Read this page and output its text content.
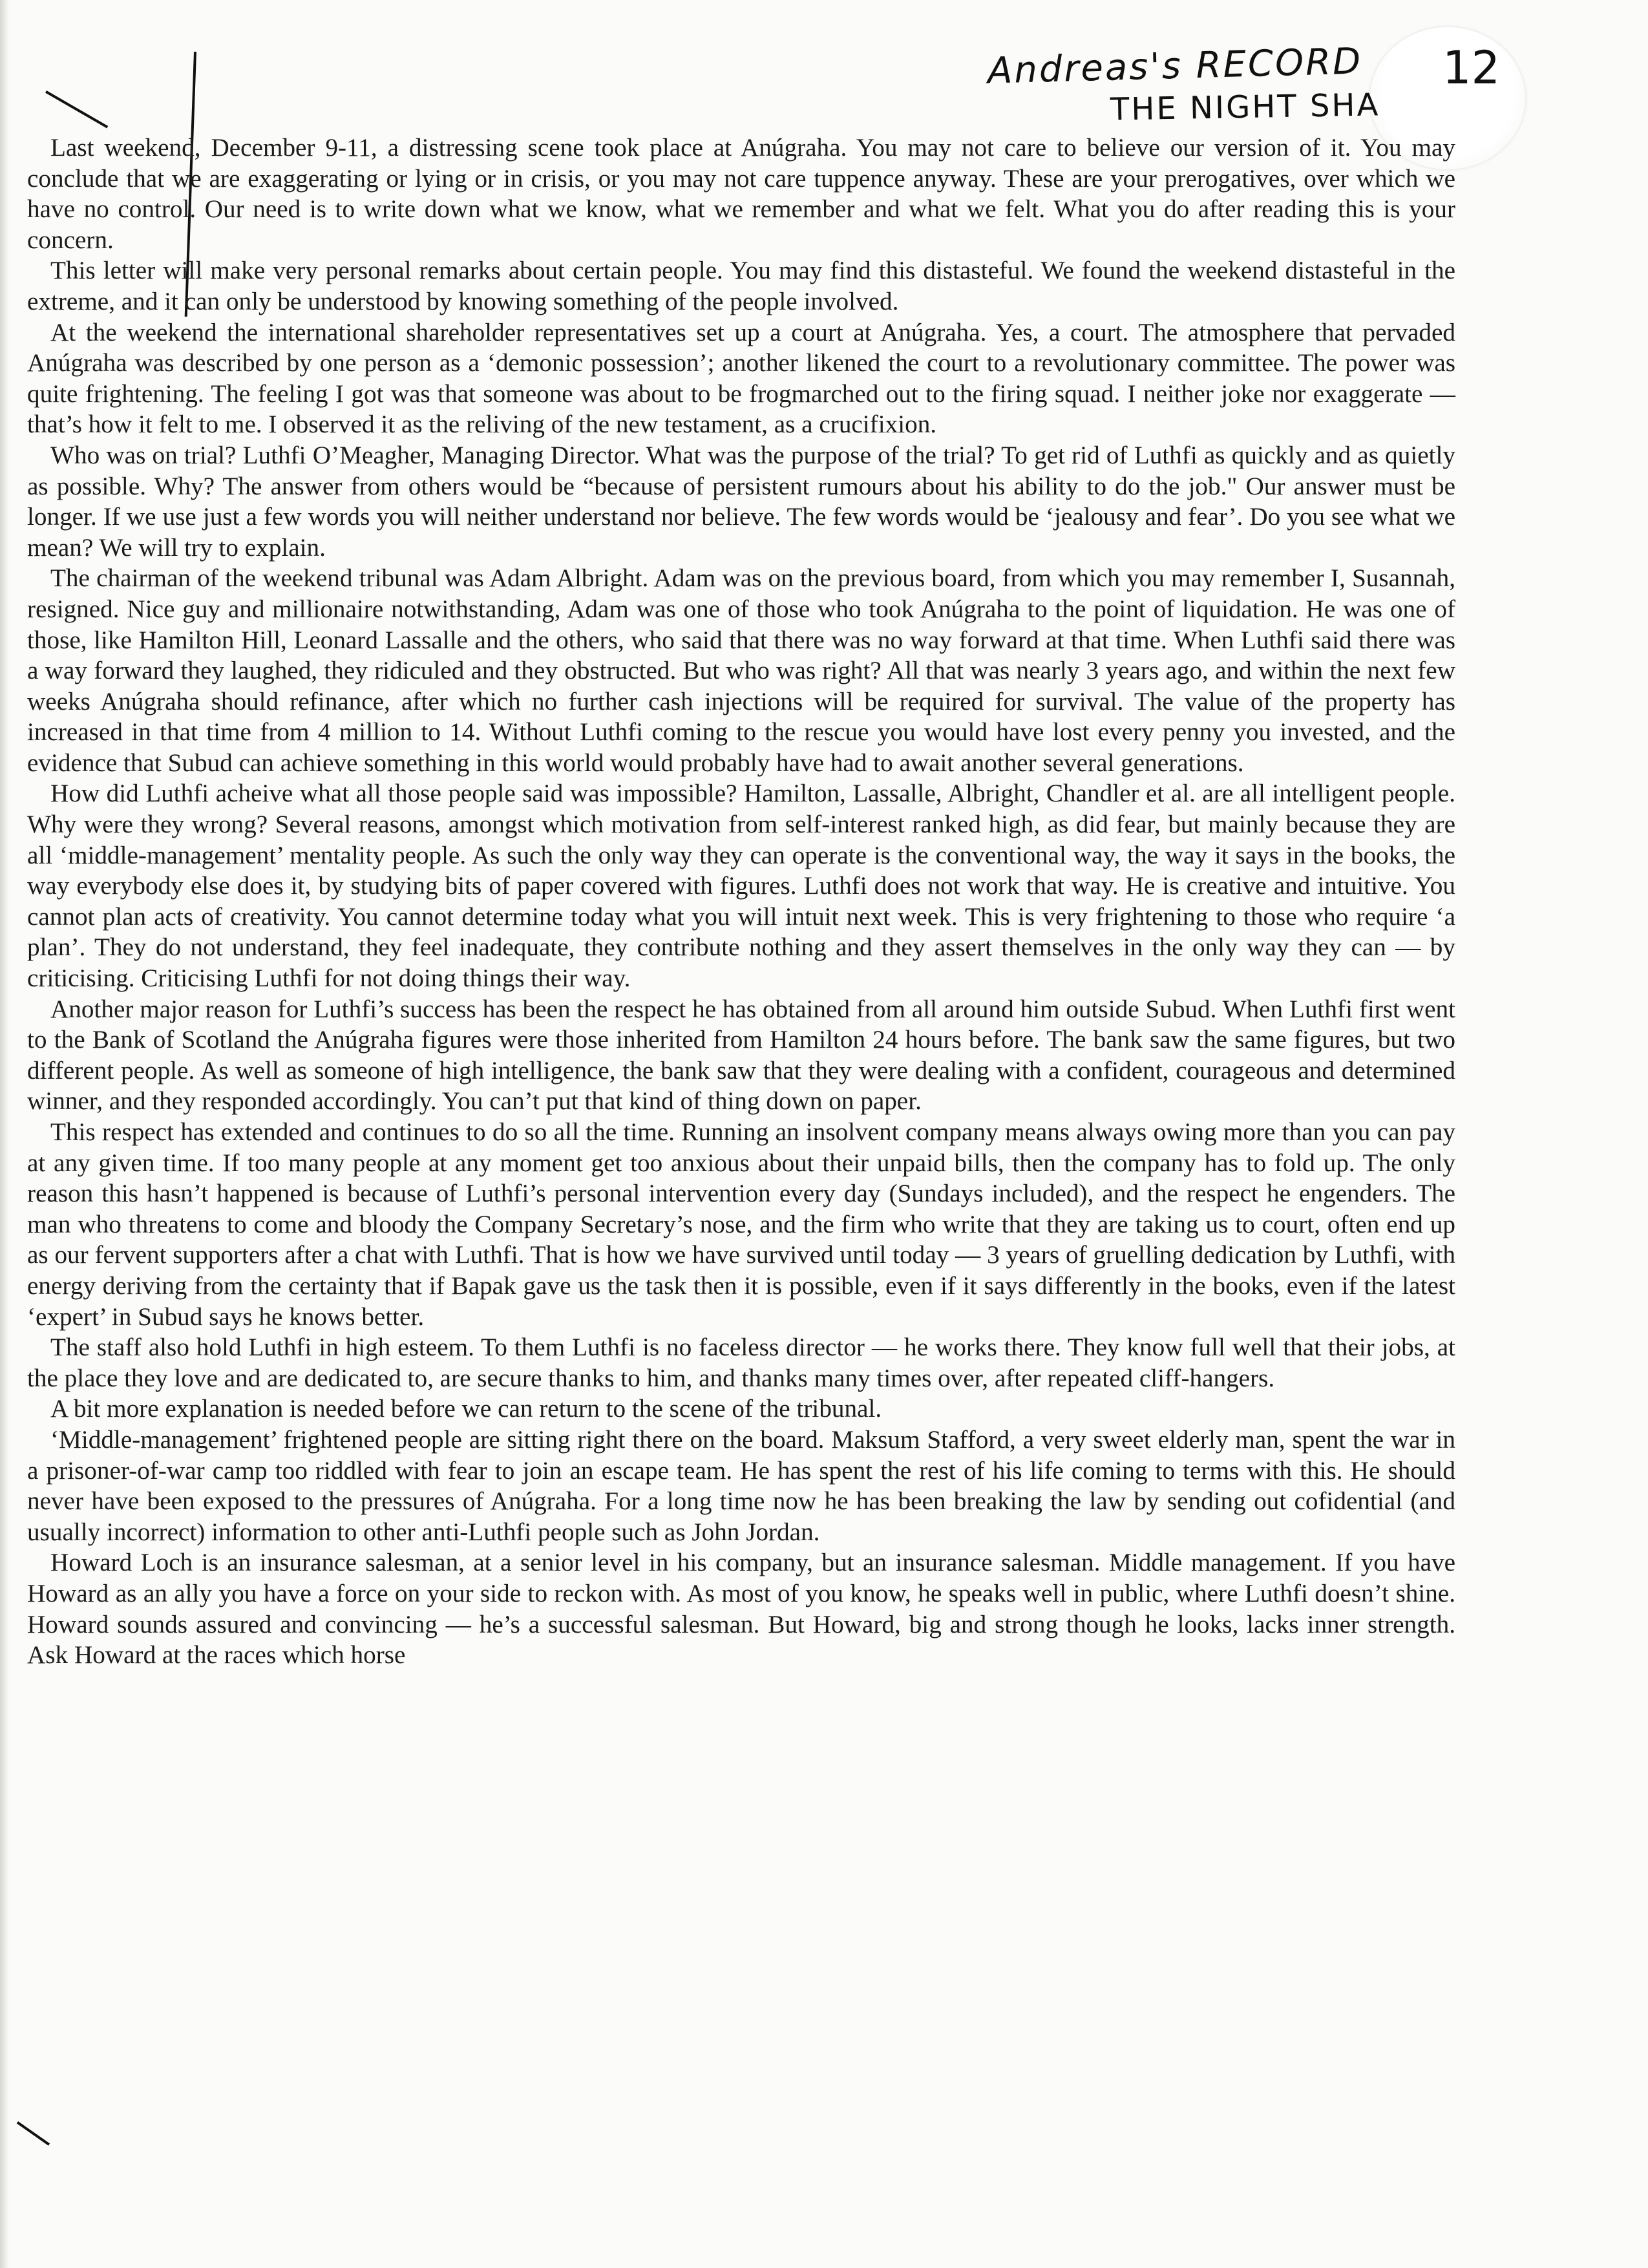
Andreas's RECORD
THE NIGHT SHA
12

Last weekend, December 9-11, a distressing scene took place at Anúgraha. You may not care to believe our version of it. You may conclude that we are exaggerating or lying or in crisis, or you may not care tuppence anyway. These are your prerogatives, over which we have no control. Our need is to write down what we know, what we remember and what we felt. What you do after reading this is your concern.

This letter will make very personal remarks about certain people. You may find this distasteful. We found the weekend distasteful in the extreme, and it can only be understood by knowing something of the people involved.

At the weekend the international shareholder representatives set up a court at Anúgraha. Yes, a court. The atmosphere that pervaded Anúgraha was described by one person as a ‘demonic possession’; another likened the court to a revolutionary committee. The power was quite frightening. The feeling I got was that someone was about to be frogmarched out to the firing squad. I neither joke nor exaggerate — that’s how it felt to me. I observed it as the reliving of the new testament, as a crucifixion.

Who was on trial? Luthfi O’Meagher, Managing Director. What was the purpose of the trial? To get rid of Luthfi as quickly and as quietly as possible. Why? The answer from others would be “because of persistent rumours about his ability to do the job." Our answer must be longer. If we use just a few words you will neither understand nor believe. The few words would be ‘jealousy and fear’. Do you see what we mean? We will try to explain.

The chairman of the weekend tribunal was Adam Albright. Adam was on the previous board, from which you may remember I, Susannah, resigned. Nice guy and millionaire notwithstanding, Adam was one of those who took Anúgraha to the point of liquidation. He was one of those, like Hamilton Hill, Leonard Lassalle and the others, who said that there was no way forward at that time. When Luthfi said there was a way forward they laughed, they ridiculed and they obstructed. But who was right? All that was nearly 3 years ago, and within the next few weeks Anúgraha should refinance, after which no further cash injections will be required for survival. The value of the property has increased in that time from 4 million to 14. Without Luthfi coming to the rescue you would have lost every penny you invested, and the evidence that Subud can achieve something in this world would probably have had to await another several generations.

How did Luthfi acheive what all those people said was impossible? Hamilton, Lassalle, Albright, Chandler et al. are all intelligent people. Why were they wrong? Several reasons, amongst which motivation from self-interest ranked high, as did fear, but mainly because they are all ‘middle-management’ mentality people. As such the only way they can operate is the conventional way, the way it says in the books, the way everybody else does it, by studying bits of paper covered with figures. Luthfi does not work that way. He is creative and intuitive. You cannot plan acts of creativity. You cannot determine today what you will intuit next week. This is very frightening to those who require ‘a plan’. They do not understand, they feel inadequate, they contribute nothing and they assert themselves in the only way they can — by criticising. Criticising Luthfi for not doing things their way.

Another major reason for Luthfi’s success has been the respect he has obtained from all around him outside Subud. When Luthfi first went to the Bank of Scotland the Anúgraha figures were those inherited from Hamilton 24 hours before. The bank saw the same figures, but two different people. As well as someone of high intelligence, the bank saw that they were dealing with a confident, courageous and determined winner, and they responded accordingly. You can’t put that kind of thing down on paper.

This respect has extended and continues to do so all the time. Running an insolvent company means always owing more than you can pay at any given time. If too many people at any moment get too anxious about their unpaid bills, then the company has to fold up. The only reason this hasn’t happened is because of Luthfi’s personal intervention every day (Sundays included), and the respect he engenders. The man who threatens to come and bloody the Company Secretary’s nose, and the firm who write that they are taking us to court, often end up as our fervent supporters after a chat with Luthfi. That is how we have survived until today — 3 years of gruelling dedication by Luthfi, with energy deriving from the certainty that if Bapak gave us the task then it is possible, even if it says differently in the books, even if the latest ‘expert’ in Subud says he knows better.

The staff also hold Luthfi in high esteem. To them Luthfi is no faceless director — he works there. They know full well that their jobs, at the place they love and are dedicated to, are secure thanks to him, and thanks many times over, after repeated cliff-hangers.

A bit more explanation is needed before we can return to the scene of the tribunal.

‘Middle-management’ frightened people are sitting right there on the board. Maksum Stafford, a very sweet elderly man, spent the war in a prisoner-of-war camp too riddled with fear to join an escape team. He has spent the rest of his life coming to terms with this. He should never have been exposed to the pressures of Anúgraha. For a long time now he has been breaking the law by sending out cofidential (and usually incorrect) information to other anti-Luthfi people such as John Jordan.

Howard Loch is an insurance salesman, at a senior level in his company, but an insurance salesman. Middle management. If you have Howard as an ally you have a force on your side to reckon with. As most of you know, he speaks well in public, where Luthfi doesn’t shine. Howard sounds assured and convincing — he’s a successful salesman. But Howard, big and strong though he looks, lacks inner strength. Ask Howard at the races which horse
